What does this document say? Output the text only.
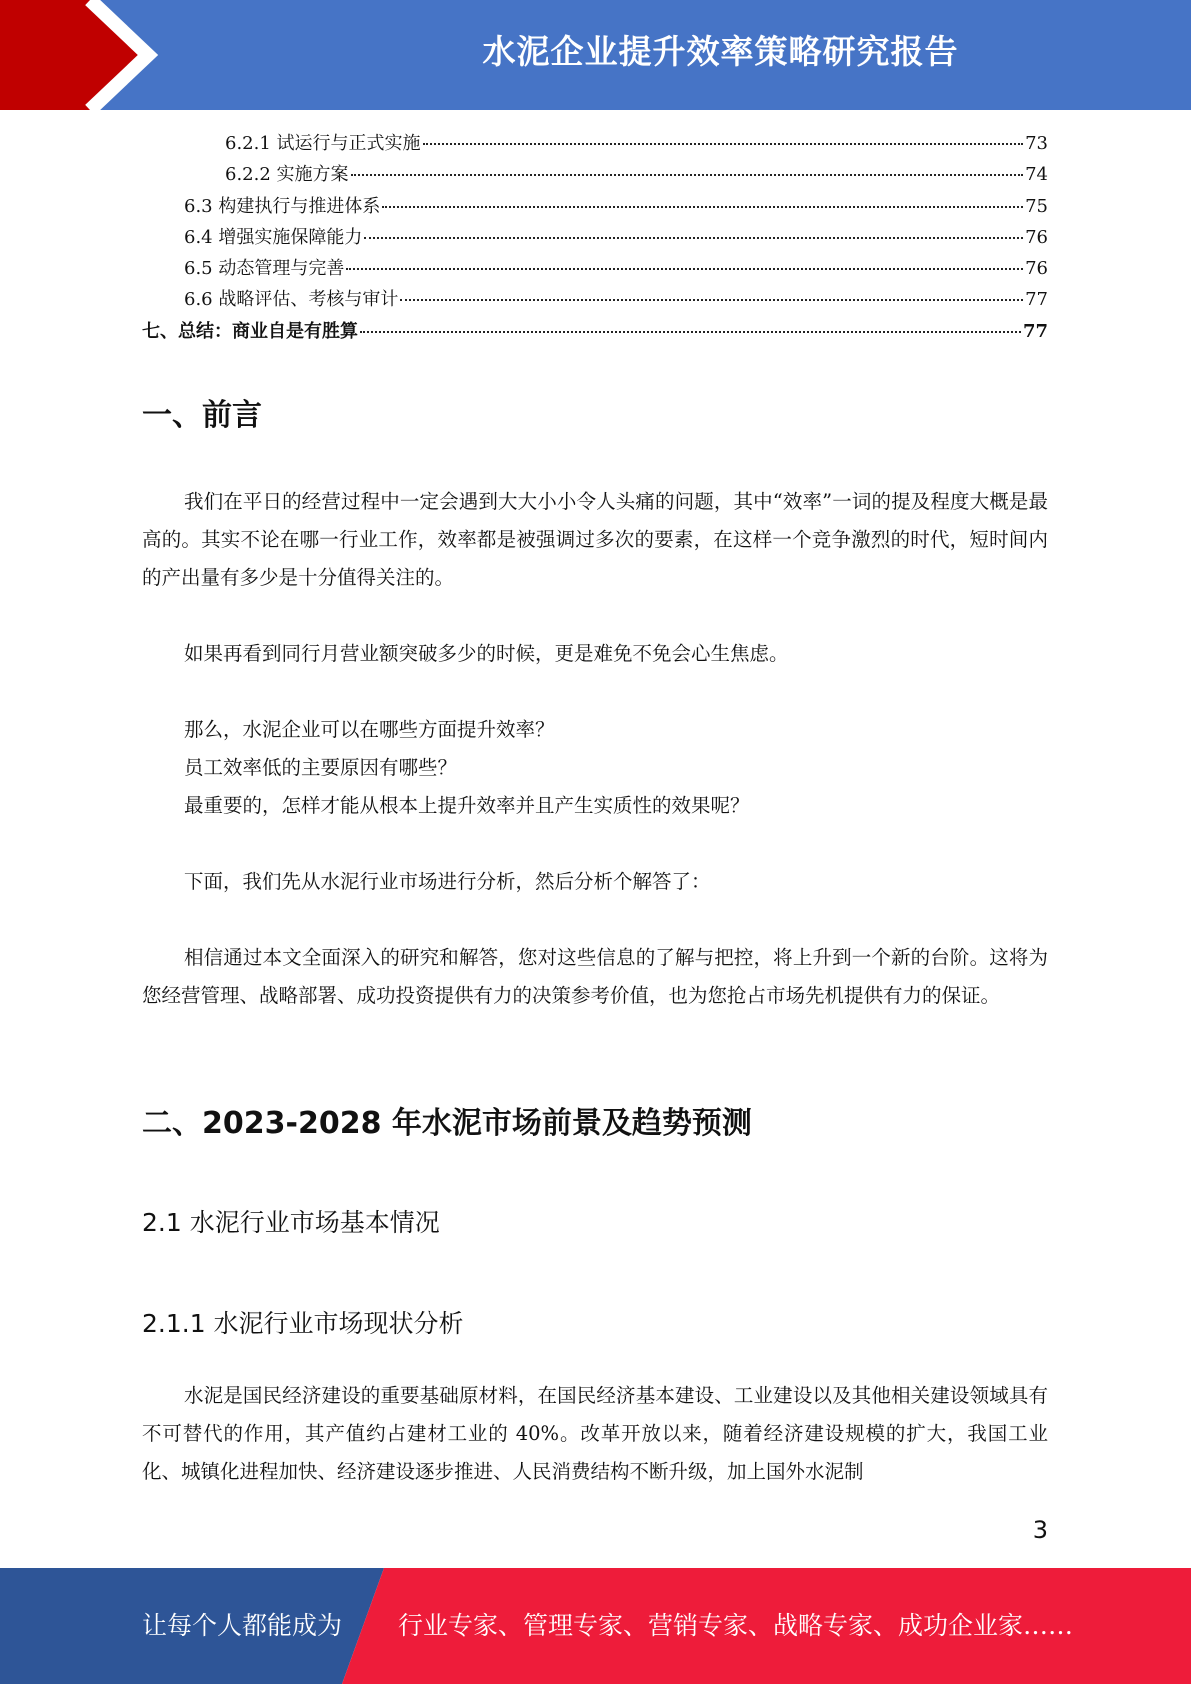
水泥企业提升效率策略研究报告
6.2.1 试运行与正式实施	73
6.2.2 实施方案	74
6.3 构建执行与推进体系	75
6.4 增强实施保障能力	76
6.5 动态管理与完善	76
6.6 战略评估、考核与审计	77
七、总结：商业自是有胜算	77
一、前言

我们在平日的经营过程中一定会遇到大大小小令人头痛的问题，其中“效率”一词的提及程度大概是最高的。其实不论在哪一行业工作，效率都是被强调过多次的要素，在这样一个竞争激烈的时代，短时间内的产出量有多少是十分值得关注的。

如果再看到同行月营业额突破多少的时候，更是难免不免会心生焦虑。

那么，水泥企业可以在哪些方面提升效率？

员工效率低的主要原因有哪些？

最重要的，怎样才能从根本上提升效率并且产生实质性的效果呢？

下面，我们先从水泥行业市场进行分析，然后分析个解答了：

相信通过本文全面深入的研究和解答，您对这些信息的了解与把控，将上升到一个新的台阶。这将为您经营管理、战略部署、成功投资提供有力的决策参考价值，也为您抢占市场先机提供有力的保证。

二、2023-2028 年水泥市场前景及趋势预测
2.1 水泥行业市场基本情况
2.1.1 水泥行业市场现状分析

水泥是国民经济建设的重要基础原材料，在国民经济基本建设、工业建设以及其他相关建设领域具有不可替代的作用，其产值约占建材工业的 40%。改革开放以来，随着经济建设规模的扩大，我国工业化、城镇化进程加快、经济建设逐步推进、人民消费结构不断升级，加上国外水泥制

3
让每个人都能成为 行业专家、管理专家、营销专家、战略专家、成功企业家……
